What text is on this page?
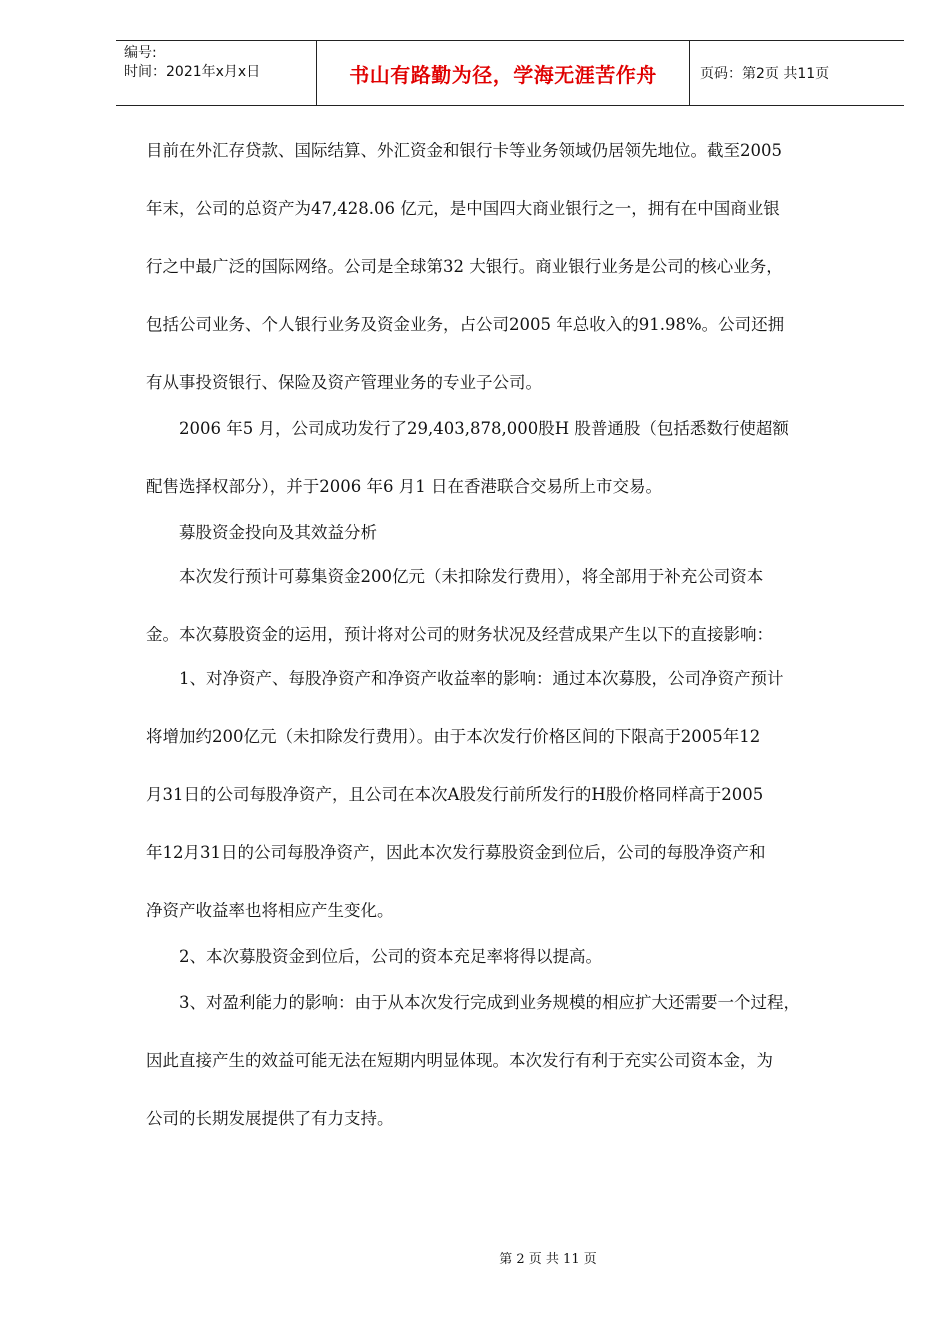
编号:
时间：2021年x月x日	书山有路勤为径，学海无涯苦作舟	页码：第2页 共11页
目前在外汇存贷款、国际结算、外汇资金和银行卡等业务领域仍居领先地位。截至2005
年末，公司的总资产为47,428.06 亿元，是中国四大商业银行之一，拥有在中国商业银
行之中最广泛的国际网络。公司是全球第32 大银行。商业银行业务是公司的核心业务，
包括公司业务、个人银行业务及资金业务，占公司2005 年总收入的91.98%。公司还拥
有从事投资银行、保险及资产管理业务的专业子公司。
　　2006 年5 月，公司成功发行了29,403,878,000股H 股普通股（包括悉数行使超额
配售选择权部分），并于2006 年6 月1 日在香港联合交易所上市交易。
　　募股资金投向及其效益分析
　　本次发行预计可募集资金200亿元（未扣除发行费用），将全部用于补充公司资本
金。本次募股资金的运用，预计将对公司的财务状况及经营成果产生以下的直接影响：
　　1、对净资产、每股净资产和净资产收益率的影响：通过本次募股，公司净资产预计
将增加约200亿元（未扣除发行费用）。由于本次发行价格区间的下限高于2005年12
月31日的公司每股净资产，且公司在本次A股发行前所发行的H股价格同样高于2005
年12月31日的公司每股净资产，因此本次发行募股资金到位后，公司的每股净资产和
净资产收益率也将相应产生变化。
　　2、本次募股资金到位后，公司的资本充足率将得以提高。
　　3、对盈利能力的影响：由于从本次发行完成到业务规模的相应扩大还需要一个过程，
因此直接产生的效益可能无法在短期内明显体现。本次发行有利于充实公司资本金，为
公司的长期发展提供了有力支持。
第 2 页 共 11 页
